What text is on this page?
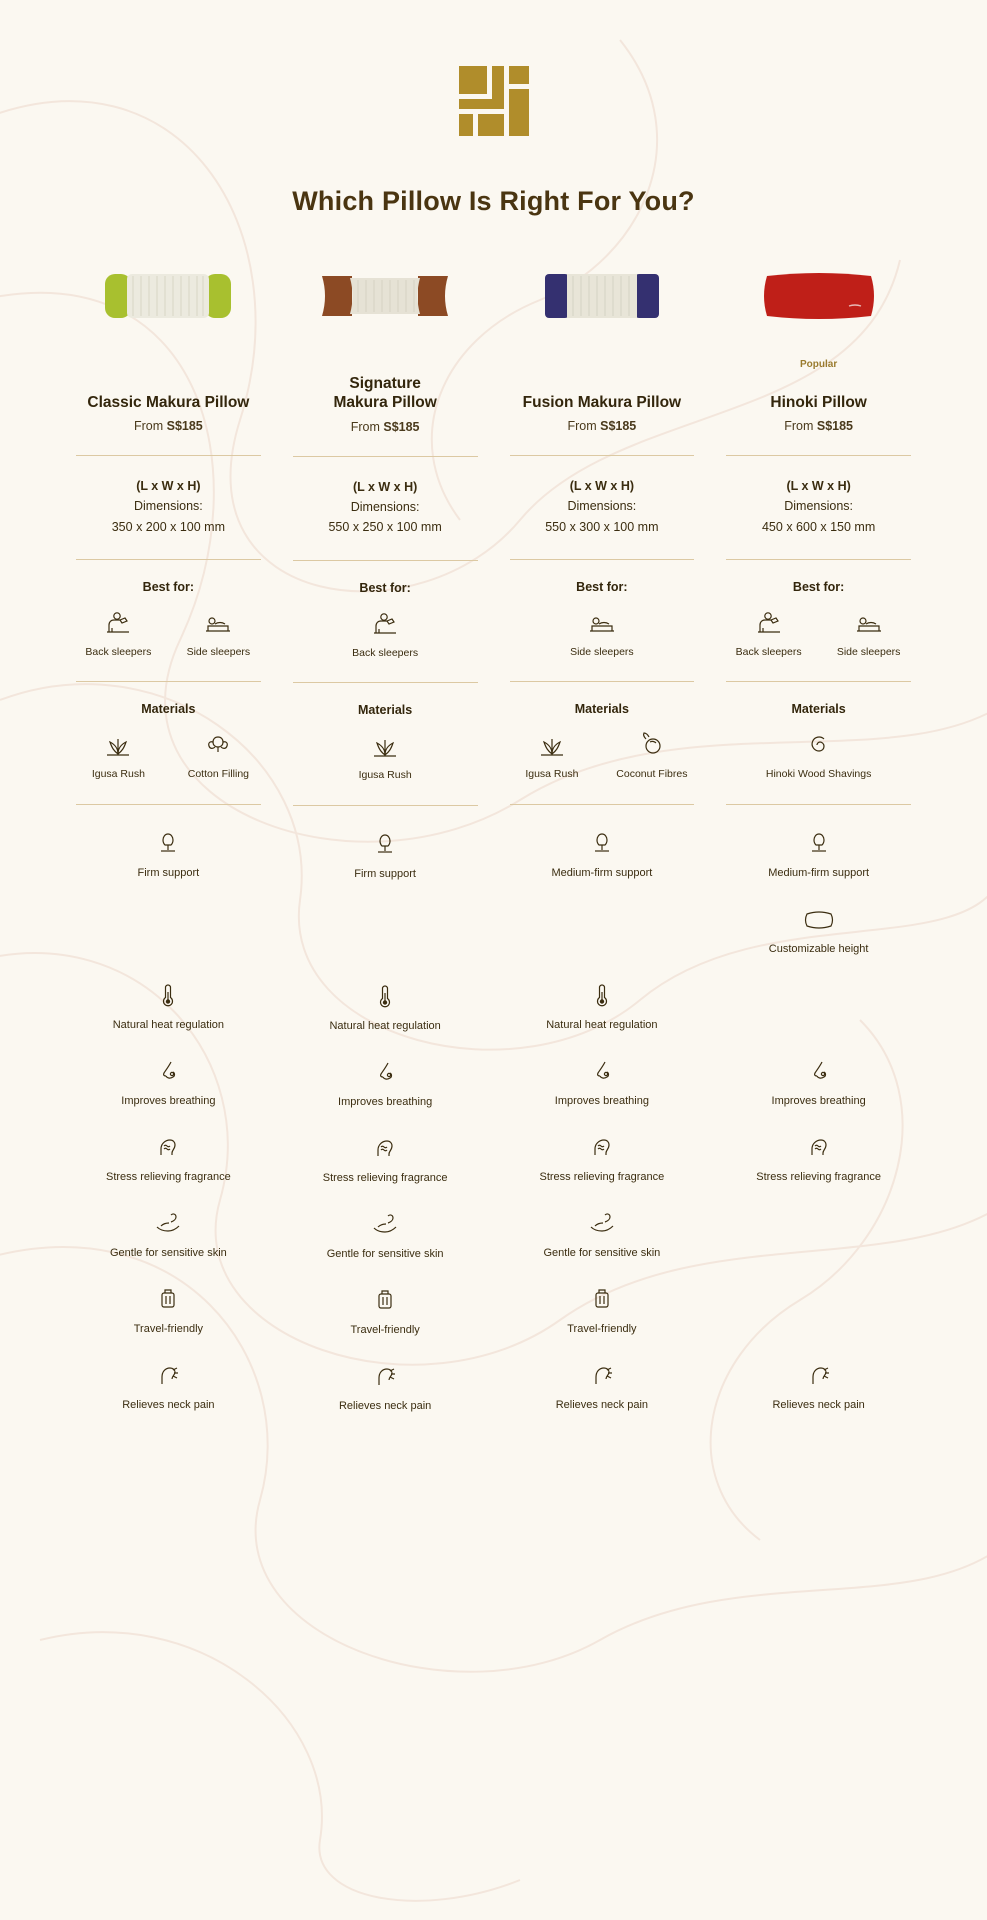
Which Pillow Is Right For You?
Classic Makura Pillow
From S$185
(L x W x H)
Dimensions:
350 x 200 x 100 mm
Best for:
Back sleepers	Side sleepers
Materials
Igusa Rush	Cotton Filling
Firm support
Natural heat regulation
Improves breathing
Stress relieving fragrance
Gentle for sensitive skin
Travel-friendly
Relieves neck pain
Signature
Makura Pillow
From S$185
(L x W x H)
Dimensions:
550 x 250 x 100 mm
Best for:
Back sleepers
Materials
Igusa Rush
Firm support
Natural heat regulation
Improves breathing
Stress relieving fragrance
Gentle for sensitive skin
Travel-friendly
Relieves neck pain
Fusion Makura Pillow
From S$185
(L x W x H)
Dimensions:
550 x 300 x 100 mm
Best for:
Side sleepers
Materials
Igusa Rush	Coconut Fibres
Medium-firm support
Natural heat regulation
Improves breathing
Stress relieving fragrance
Gentle for sensitive skin
Travel-friendly
Relieves neck pain
Popular
Hinoki Pillow
From S$185
(L x W x H)
Dimensions:
450 x 600 x 150 mm
Best for:
Back sleepers	Side sleepers
Materials
Hinoki Wood Shavings
Medium-firm support
Customizable height
Improves breathing
Stress relieving fragrance
Relieves neck pain
